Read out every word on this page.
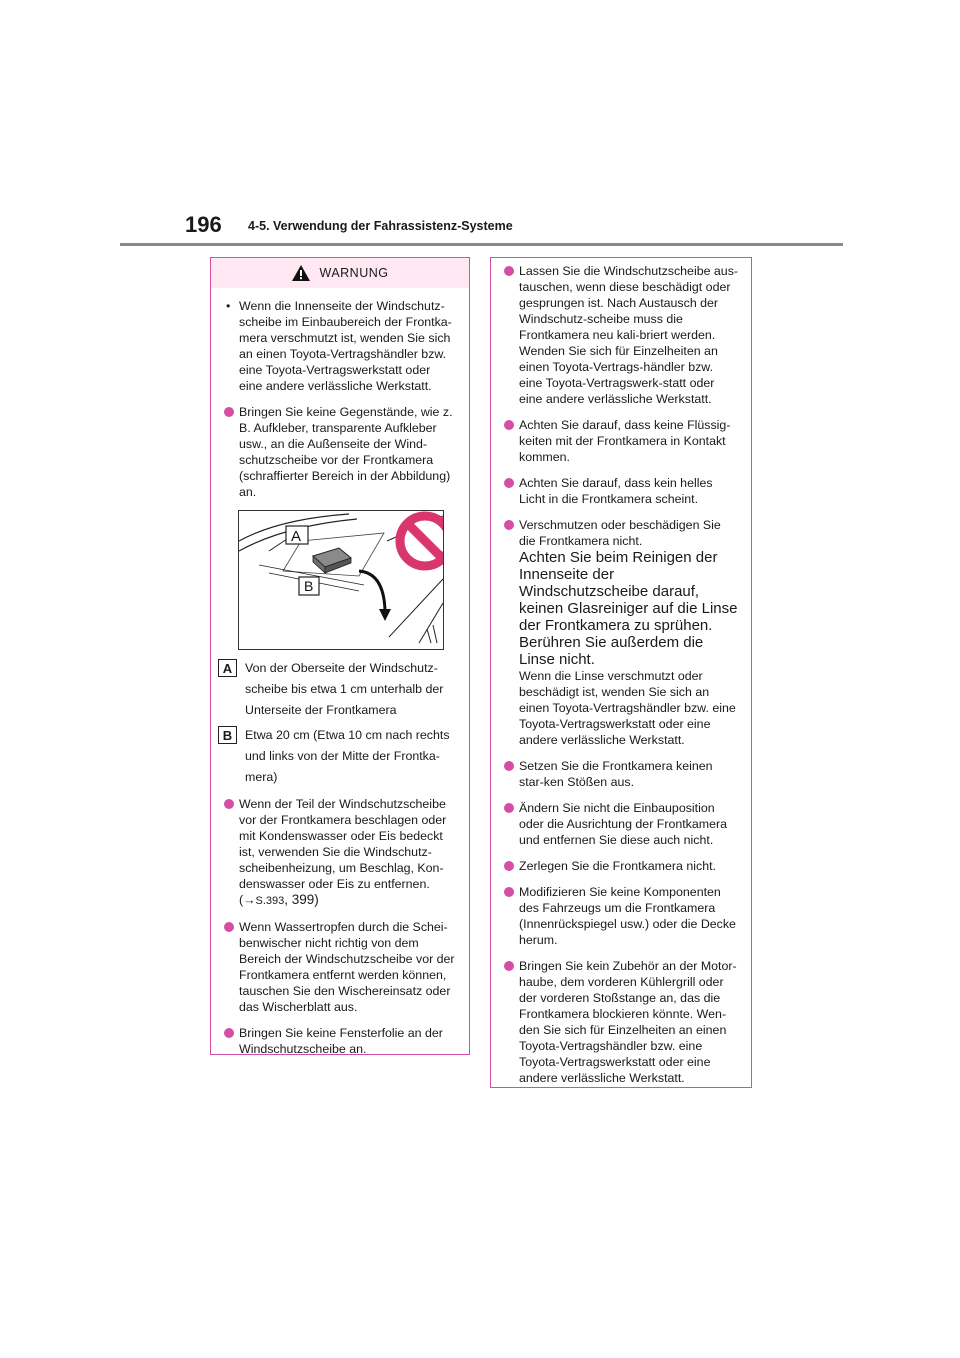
196 4-5. Verwendung der Fahrassistenz-Systeme
WARNUNG

• Wenn die Innenseite der Windschutz-scheibe im Einbaubereich der Frontka-mera verschmutzt ist, wenden Sie sich an einen Toyota-Vertragshändler bzw. eine Toyota-Vertragswerkstatt oder eine andere verlässliche Werkstatt.

Bringen Sie keine Gegenstände, wie z. B. Aufkleber, transparente Aufkleber usw., an die Außenseite der Wind-schutzscheibe vor der Frontkamera (schraffierter Bereich in der Abbildung) an.

A
B
A	Von der Oberseite der Windschutz-scheibe bis etwa 1 cm unterhalb der Unterseite der Frontkamera
B	Etwa 20 cm (Etwa 10 cm nach rechts und links von der Mitte der Frontka-mera)

Wenn der Teil der Windschutzscheibe vor der Frontkamera beschlagen oder mit Kondenswasser oder Eis bedeckt ist, verwenden Sie die Windschutz-scheibenheizung, um Beschlag, Kon-denswasser oder Eis zu entfernen.
(→S.393, 399)

Wenn Wassertropfen durch die Schei-benwischer nicht richtig von dem Bereich der Windschutzscheibe vor der Frontkamera entfernt werden können, tauschen Sie den Wischereinsatz oder das Wischerblatt aus.

Bringen Sie keine Fensterfolie an der Windschutzscheibe an.

Lassen Sie die Windschutzscheibe aus-tauschen, wenn diese beschädigt oder gesprungen ist. Nach Austausch der Windschutz-scheibe muss die Frontkamera neu kali-briert werden. Wenden Sie sich für Einzelheiten an einen Toyota-Vertrags-händler bzw. eine Toyota-Vertragswerk-statt oder eine andere verlässliche Werkstatt.

Achten Sie darauf, dass keine Flüssig-keiten mit der Frontkamera in Kontakt kommen.

Achten Sie darauf, dass kein helles Licht in die Frontkamera scheint.

Verschmutzen oder beschädigen Sie die Frontkamera nicht.
Achten Sie beim Reinigen der Innenseite der Windschutzscheibe darauf, keinen Glasreiniger auf die Linse der Frontkamera zu sprühen. Berühren Sie außerdem die Linse nicht.
Wenn die Linse verschmutzt oder beschädigt ist, wenden Sie sich an einen Toyota-Vertragshändler bzw. eine Toyota-Vertragswerkstatt oder eine andere verlässliche Werkstatt.

Setzen Sie die Frontkamera keinen star-ken Stößen aus.

Ändern Sie nicht die Einbauposition oder die Ausrichtung der Frontkamera und entfernen Sie diese auch nicht.

Zerlegen Sie die Frontkamera nicht.

Modifizieren Sie keine Komponenten des Fahrzeugs um die Frontkamera (Innenrückspiegel usw.) oder die Decke herum.

Bringen Sie kein Zubehör an der Motor-haube, dem vorderen Kühlergrill oder der vorderen Stoßstange an, das die Frontkamera blockieren könnte. Wen-den Sie sich für Einzelheiten an einen Toyota-Vertragshändler bzw. eine Toyota-Vertragswerkstatt oder eine andere verlässliche Werkstatt.
